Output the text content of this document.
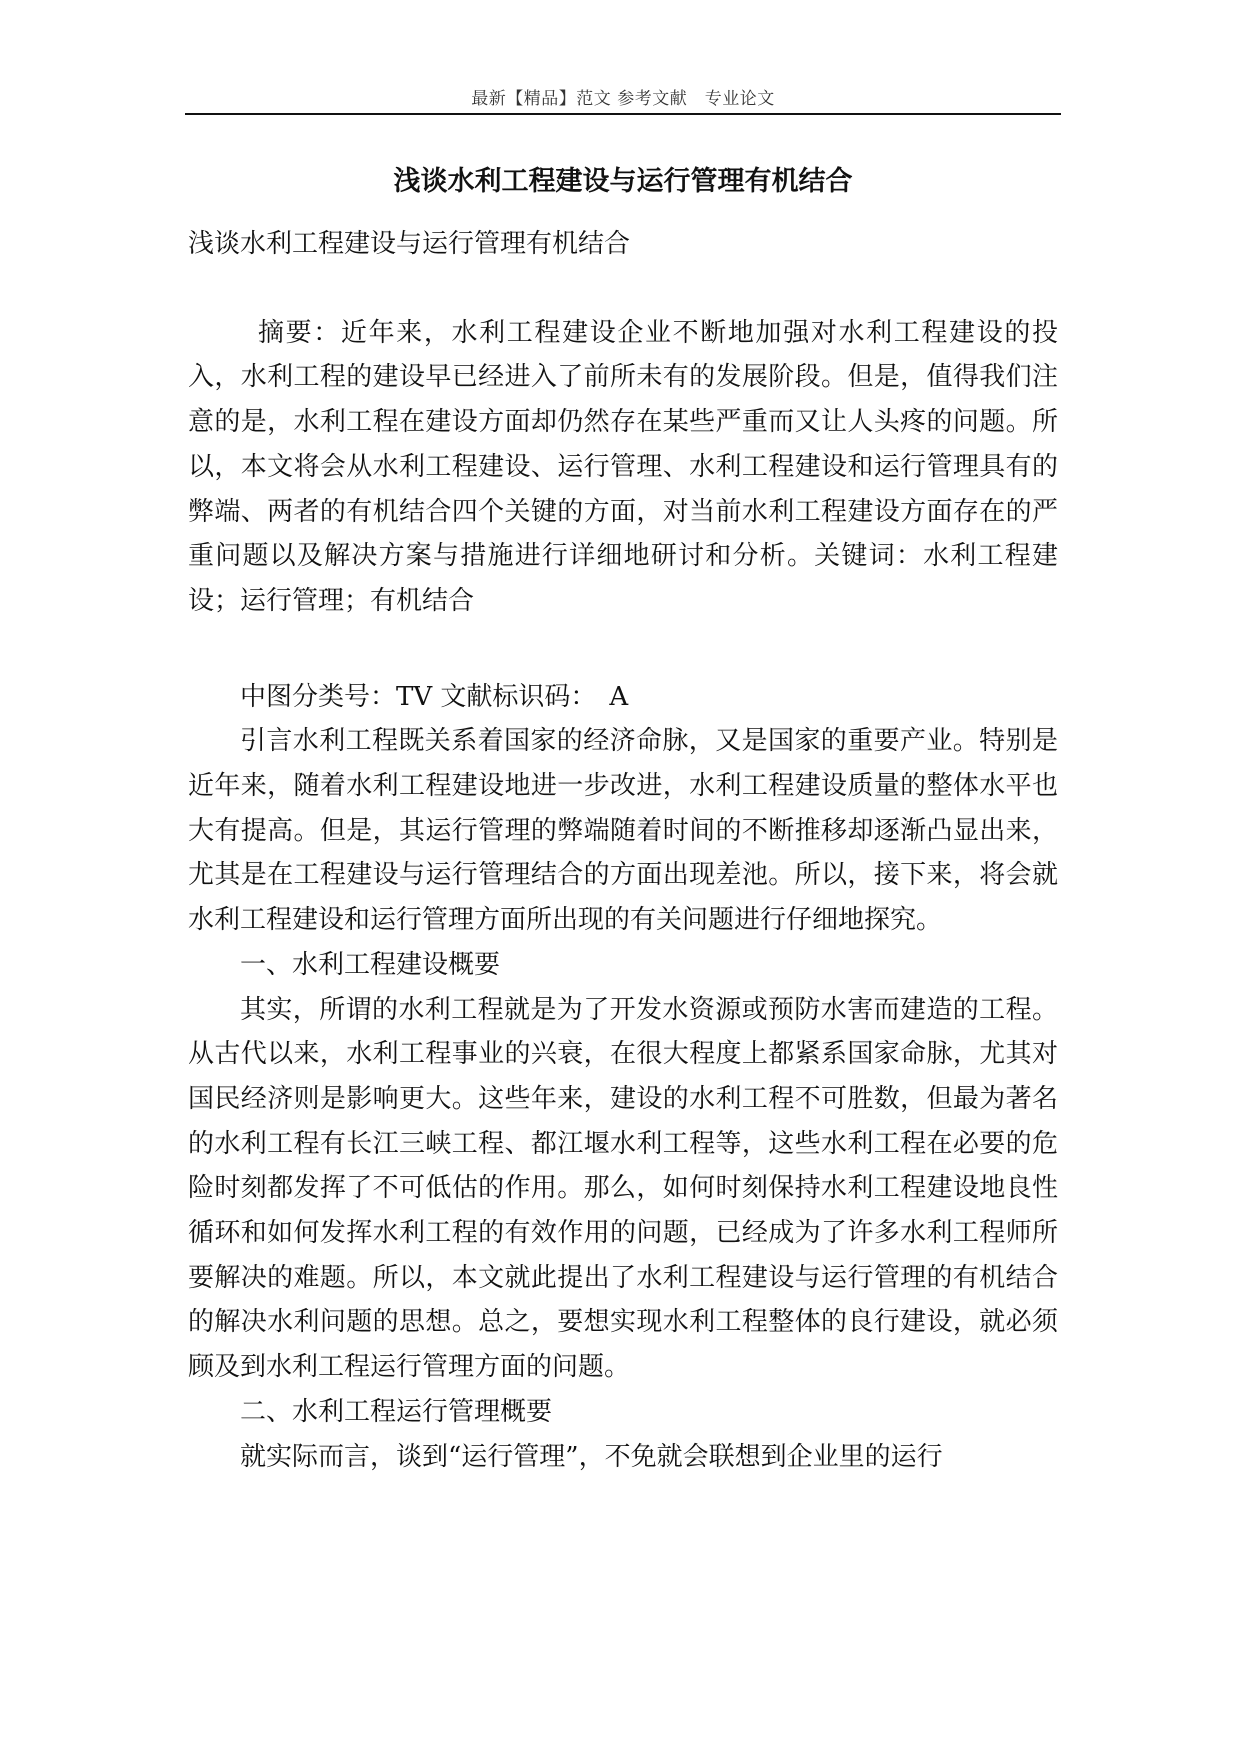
最新【精品】范文 参考文献　专业论文
浅谈水利工程建设与运行管理有机结合

浅谈水利工程建设与运行管理有机结合

摘要：近年来，水利工程建设企业不断地加强对水利工程建设的投入，水利工程的建设早已经进入了前所未有的发展阶段。但是，值得我们注意的是，水利工程在建设方面却仍然存在某些严重而又让人头疼的问题。所以，本文将会从水利工程建设、运行管理、水利工程建设和运行管理具有的弊端、两者的有机结合四个关键的方面，对当前水利工程建设方面存在的严重问题以及解决方案与措施进行详细地研讨和分析。关键词：水利工程建设；运行管理；有机结合

中图分类号：TV 文献标识码：　A

引言水利工程既关系着国家的经济命脉，又是国家的重要产业。特别是近年来，随着水利工程建设地进一步改进，水利工程建设质量的整体水平也大有提高。但是，其运行管理的弊端随着时间的不断推移却逐渐凸显出来，尤其是在工程建设与运行管理结合的方面出现差池。所以，接下来，将会就水利工程建设和运行管理方面所出现的有关问题进行仔细地探究。

一、水利工程建设概要

其实，所谓的水利工程就是为了开发水资源或预防水害而建造的工程。从古代以来，水利工程事业的兴衰，在很大程度上都紧系国家命脉，尤其对国民经济则是影响更大。这些年来，建设的水利工程不可胜数，但最为著名的水利工程有长江三峡工程、都江堰水利工程等，这些水利工程在必要的危险时刻都发挥了不可低估的作用。那么，如何时刻保持水利工程建设地良性循环和如何发挥水利工程的有效作用的问题，已经成为了许多水利工程师所要解决的难题。所以，本文就此提出了水利工程建设与运行管理的有机结合的解决水利问题的思想。总之，要想实现水利工程整体的良行建设，就必须顾及到水利工程运行管理方面的问题。

二、水利工程运行管理概要

就实际而言，谈到“运行管理”，不免就会联想到企业里的运行
